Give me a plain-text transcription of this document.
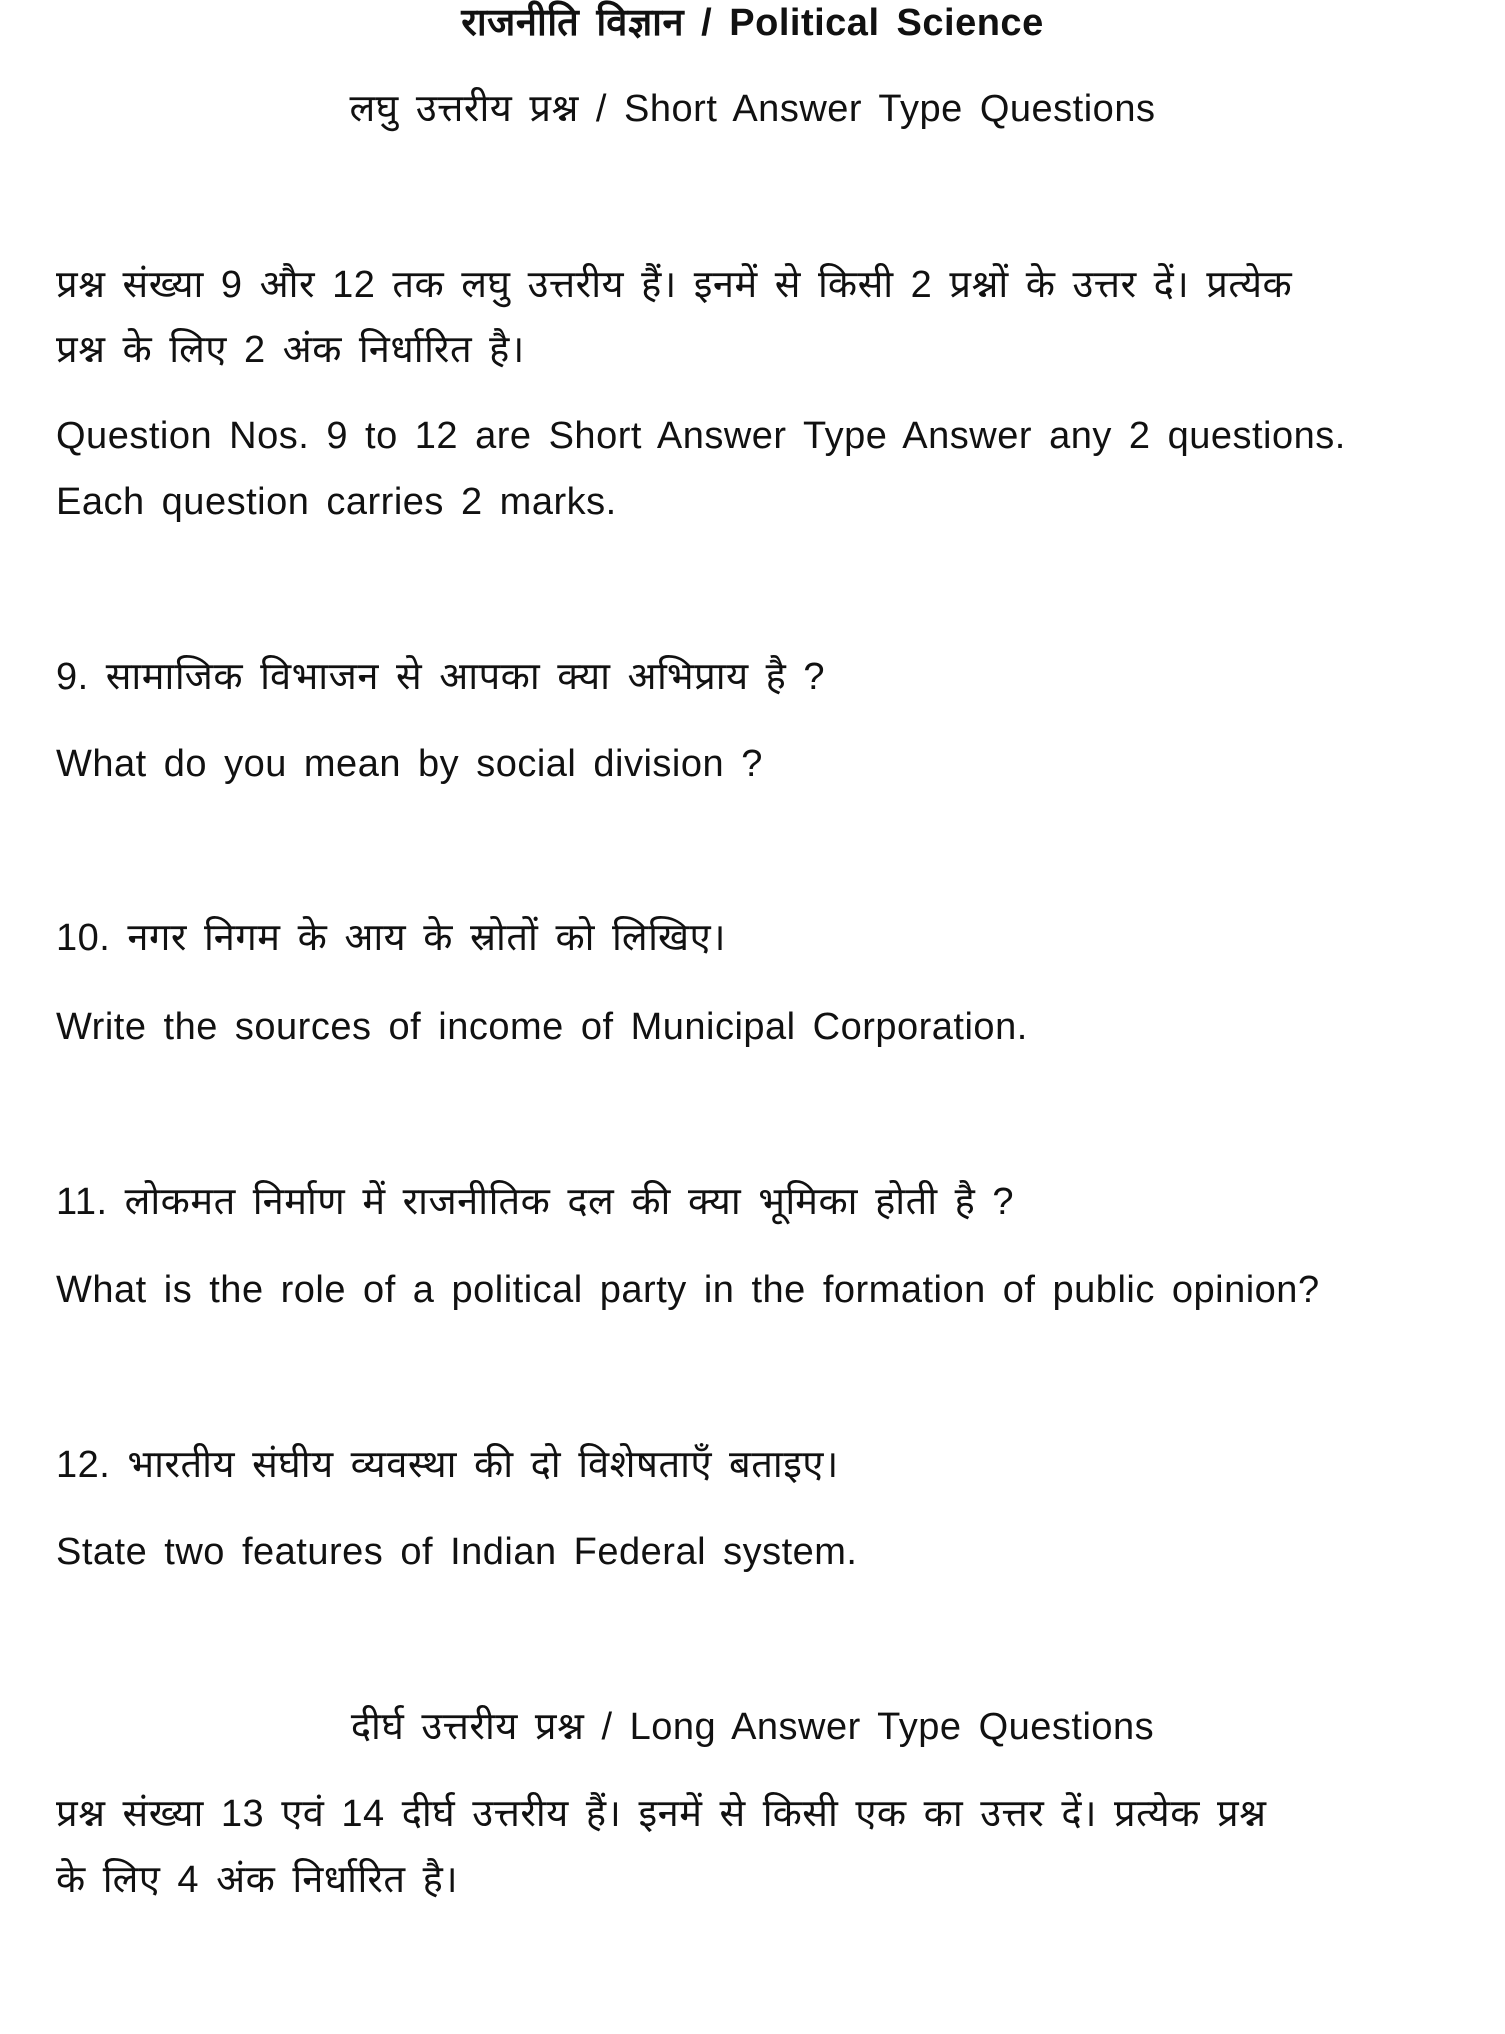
राजनीति विज्ञान / Political Science
लघु उत्तरीय प्रश्न / Short Answer Type Questions
प्रश्न संख्या 9 और 12 तक लघु उत्तरीय हैं। इनमें से किसी 2 प्रश्नों के उत्तर दें। प्रत्येक
प्रश्न के लिए 2 अंक निर्धारित है।
Question Nos. 9 to 12 are Short Answer Type Answer any 2 questions.
Each question carries 2 marks.
9. सामाजिक विभाजन से आपका क्या अभिप्राय है ?
What do you mean by social division ?
10. नगर निगम के आय के स्रोतों को लिखिए।
Write the sources of income of Municipal Corporation.
11. लोकमत निर्माण में राजनीतिक दल की क्या भूमिका होती है ?
What is the role of a political party in the formation of public opinion?
12. भारतीय संघीय व्यवस्था की दो विशेषताएँ बताइए।
State two features of Indian Federal system.
दीर्घ उत्तरीय प्रश्न / Long Answer Type Questions
प्रश्न संख्या 13 एवं 14 दीर्घ उत्तरीय हैं। इनमें से किसी एक का उत्तर दें। प्रत्येक प्रश्न
के लिए 4 अंक निर्धारित है।
